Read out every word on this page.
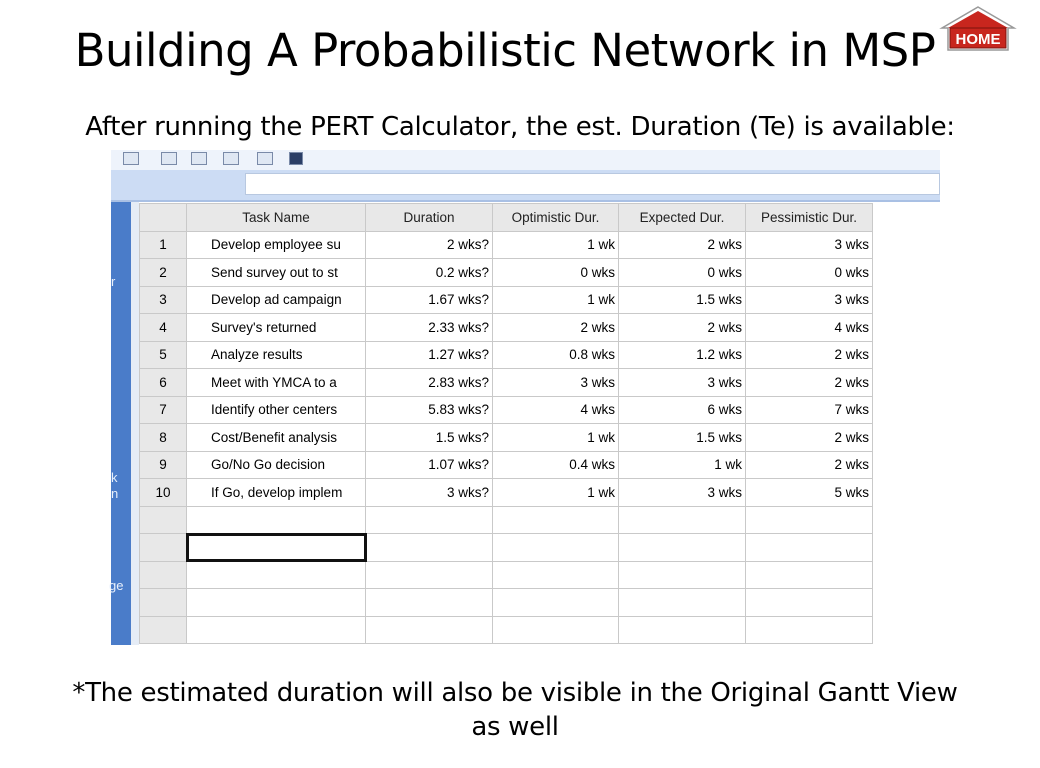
Building A Probabilistic Network in MSP	HOME
After running the PERT Calculator, the est. Duration (Te) is available:
r
k
n
ge
	Task Name	Duration	Optimistic Dur.	Expected Dur.	Pessimistic Dur.
1	Develop employee su	2 wks?	1 wk	2 wks	3 wks
2	Send survey out to st	0.2 wks?	0 wks	0 wks	0 wks
3	Develop ad campaign	1.67 wks?	1 wk	1.5 wks	3 wks
4	Survey's returned	2.33 wks?	2 wks	2 wks	4 wks
5	Analyze results	1.27 wks?	0.8 wks	1.2 wks	2 wks
6	Meet with YMCA to a	2.83 wks?	3 wks	3 wks	2 wks
7	Identify other centers	5.83 wks?	4 wks	6 wks	7 wks
8	Cost/Benefit analysis	1.5 wks?	1 wk	1.5 wks	2 wks
9	Go/No Go decision	1.07 wks?	0.4 wks	1 wk	2 wks
10	If Go, develop implem	3 wks?	1 wk	3 wks	5 wks

*The estimated duration will also be visible in the Original Gantt View
as well
